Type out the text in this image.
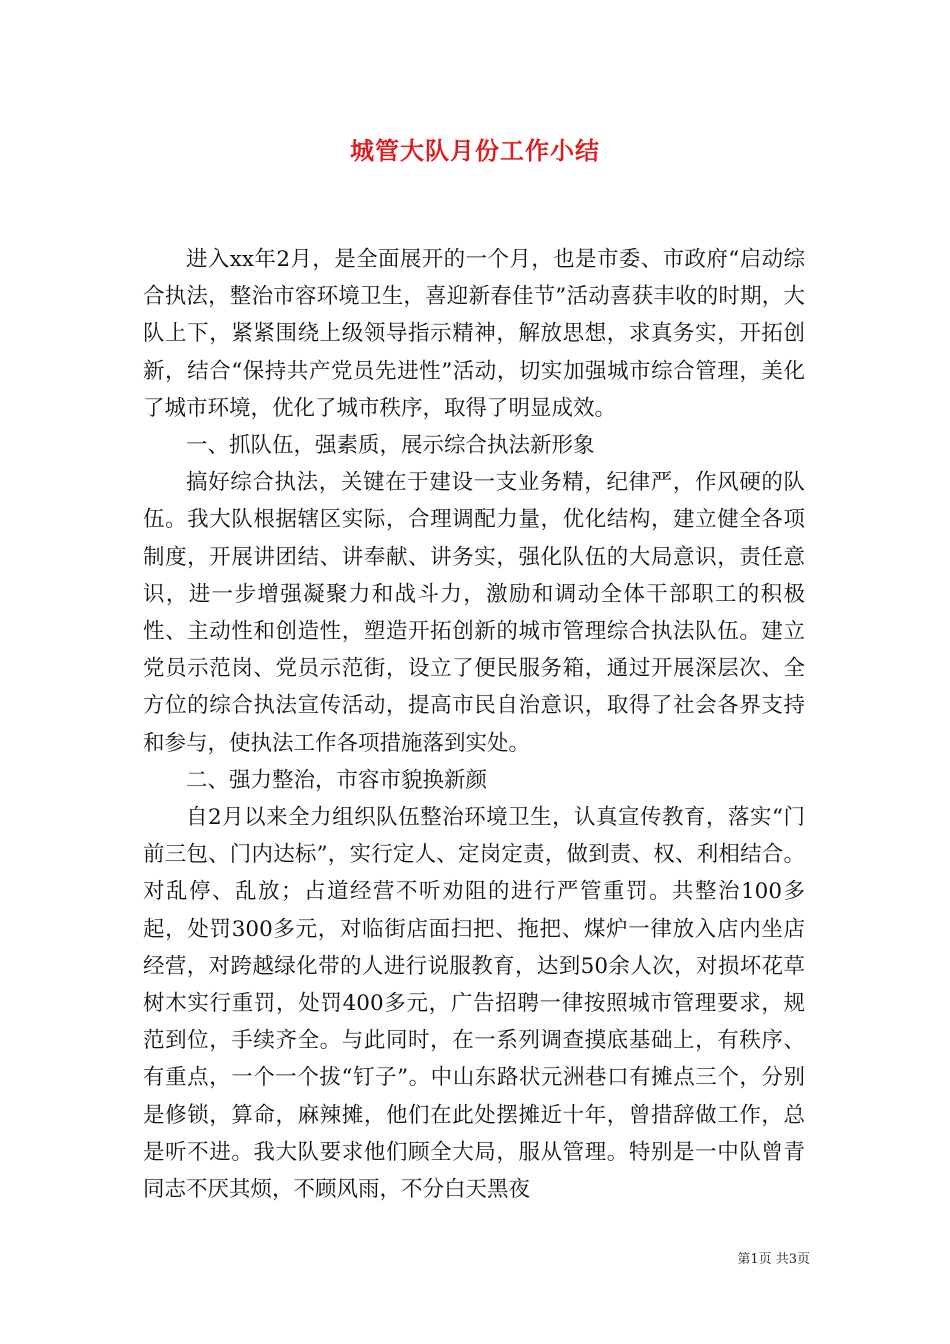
城管大队月份工作小结

进入xx年2月，是全面展开的一个月，也是市委、市政府“启动综合执法，整治市容环境卫生，喜迎新春佳节”活动喜获丰收的时期，大队上下，紧紧围绕上级领导指示精神，解放思想，求真务实，开拓创新，结合“保持共产党员先进性”活动，切实加强城市综合管理，美化了城市环境，优化了城市秩序，取得了明显成效。

一、抓队伍，强素质，展示综合执法新形象

搞好综合执法，关键在于建设一支业务精，纪律严，作风硬的队伍。我大队根据辖区实际，合理调配力量，优化结构，建立健全各项制度，开展讲团结、讲奉献、讲务实，强化队伍的大局意识，责任意识，进一步增强凝聚力和战斗力，激励和调动全体干部职工的积极性、主动性和创造性，塑造开拓创新的城市管理综合执法队伍。建立党员示范岗、党员示范街，设立了便民服务箱，通过开展深层次、全方位的综合执法宣传活动，提高市民自治意识，取得了社会各界支持和参与，使执法工作各项措施落到实处。

二、强力整治，市容市貌换新颜

自2月以来全力组织队伍整治环境卫生，认真宣传教育，落实“门前三包、门内达标”，实行定人、定岗定责，做到责、权、利相结合。对乱停、乱放；占道经营不听劝阻的进行严管重罚。共整治100多起，处罚300多元，对临街店面扫把、拖把、煤炉一律放入店内坐店经营，对跨越绿化带的人进行说服教育，达到50余人次，对损坏花草树木实行重罚，处罚400多元，广告招聘一律按照城市管理要求，规范到位，手续齐全。与此同时，在一系列调查摸底基础上，有秩序、有重点，一个一个拔“钉子”。中山东路状元洲巷口有摊点三个，分别是修锁，算命，麻辣摊，他们在此处摆摊近十年，曾措辞做工作，总是听不进。我大队要求他们顾全大局，服从管理。特别是一中队曾青同志不厌其烦，不顾风雨，不分白天黑夜

第1页 共3页
